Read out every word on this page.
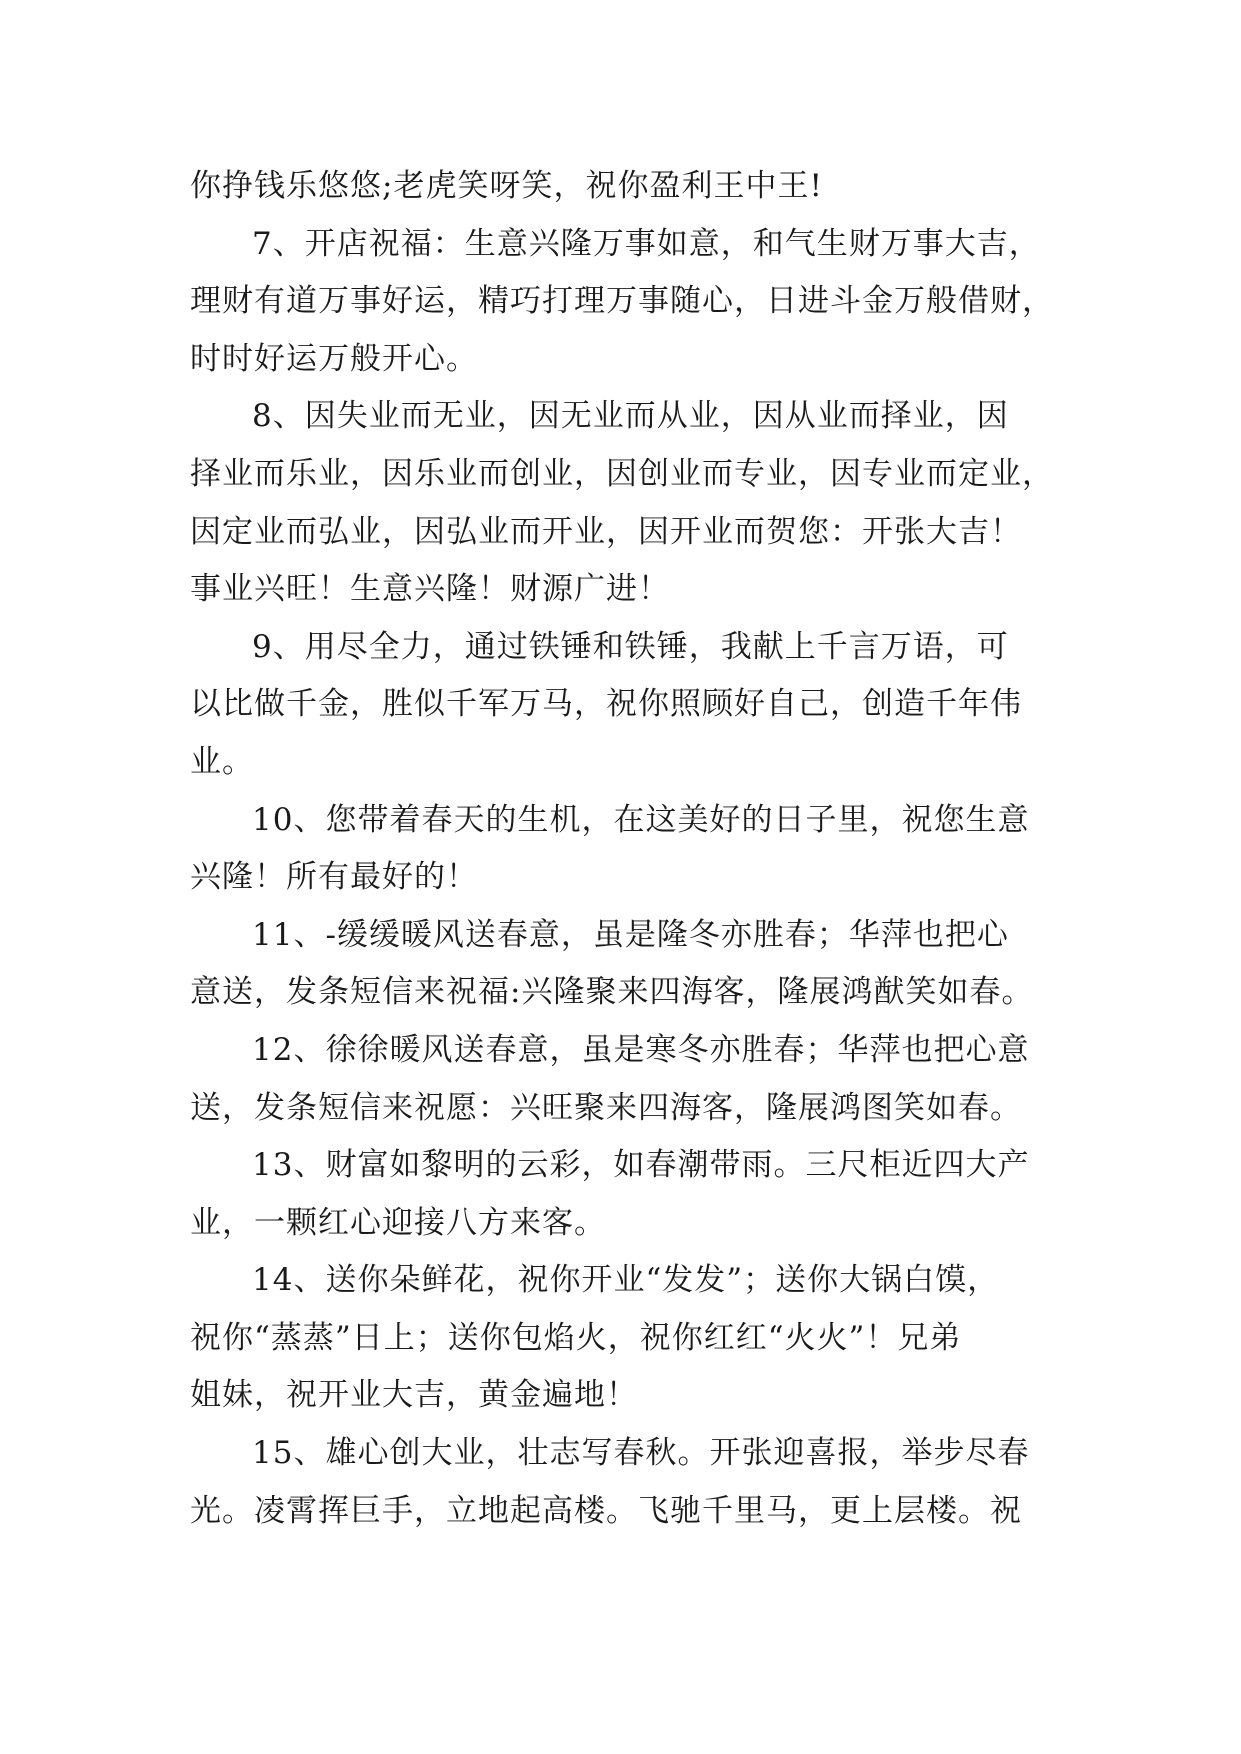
你挣钱乐悠悠;老虎笑呀笑，祝你盈利王中王!
7、开店祝福：生意兴隆万事如意，和气生财万事大吉，
理财有道万事好运，精巧打理万事随心，日进斗金万般借财，
时时好运万般开心。
8、因失业而无业，因无业而从业，因从业而择业，因
择业而乐业，因乐业而创业，因创业而专业，因专业而定业，
因定业而弘业，因弘业而开业，因开业而贺您：开张大吉！
事业兴旺！生意兴隆！财源广进！
9、用尽全力，通过铁锤和铁锤，我献上千言万语，可
以比做千金，胜似千军万马，祝你照顾好自己，创造千年伟
业。
10、您带着春天的生机，在这美好的日子里，祝您生意
兴隆！所有最好的！
11、-缓缓暖风送春意，虽是隆冬亦胜春；华萍也把心
意送，发条短信来祝福:兴隆聚来四海客，隆展鸿猷笑如春。
12、徐徐暖风送春意，虽是寒冬亦胜春；华萍也把心意
送，发条短信来祝愿：兴旺聚来四海客，隆展鸿图笑如春。
13、财富如黎明的云彩，如春潮带雨。三尺柜近四大产
业，一颗红心迎接八方来客。
14、送你朵鲜花，祝你开业“发发”；送你大锅白馍，
祝你“蒸蒸”日上；送你包焰火，祝你红红“火火”！兄弟
姐妹，祝开业大吉，黄金遍地！
15、雄心创大业，壮志写春秋。开张迎喜报，举步尽春
光。凌霄挥巨手，立地起高楼。飞驰千里马，更上层楼。祝
